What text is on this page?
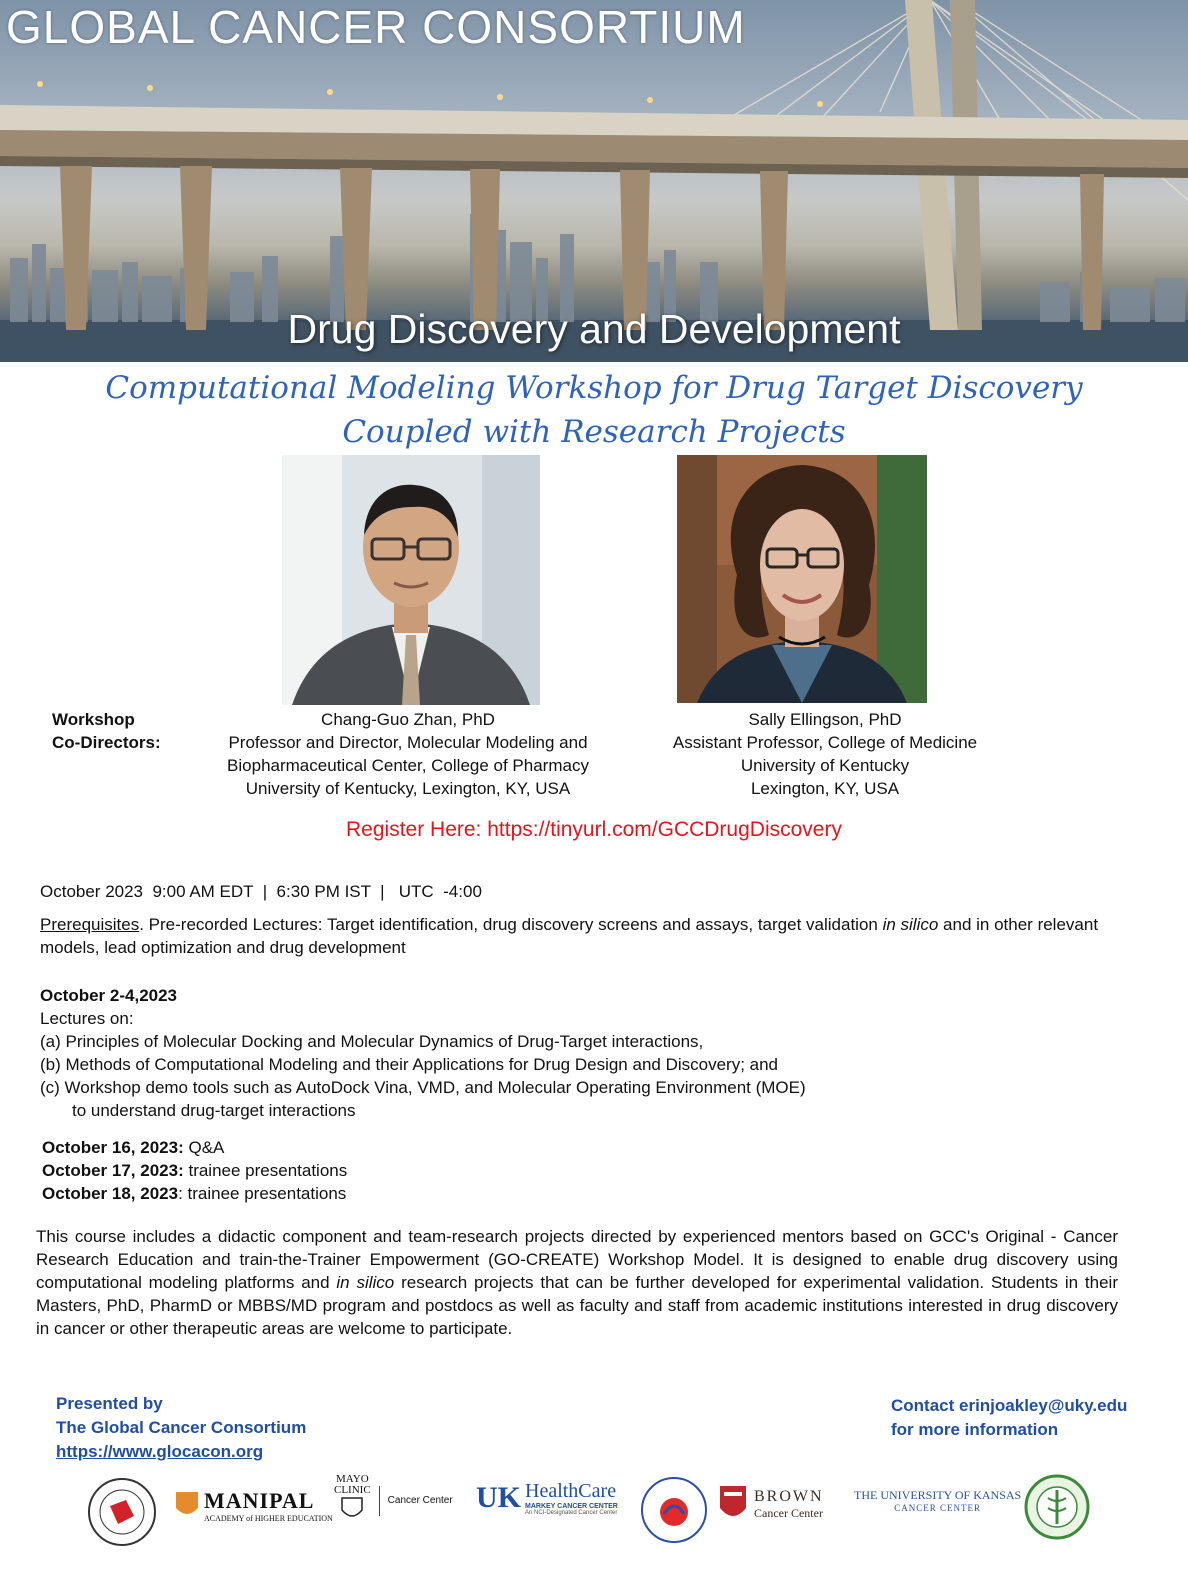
GLOBAL CANCER CONSORTIUM
Drug Discovery and Development
Computational Modeling Workshop for Drug Target Discovery
Coupled with Research Projects
Workshop
Co-Directors:
Chang-Guo Zhan, PhD
Professor and Director, Molecular Modeling and
Biopharmaceutical Center, College of Pharmacy
University of Kentucky, Lexington, KY, USA
Sally Ellingson, PhD
Assistant Professor, College of Medicine
University of Kentucky
Lexington, KY, USA
Register Here: https://tinyurl.com/GCCDrugDiscovery
October 2023  9:00 AM EDT  |  6:30 PM IST  |   UTC  -4:00
Prerequisites. Pre-recorded Lectures: Target identification, drug discovery screens and assays, target validation in silico and in other relevant models, lead optimization and drug development
October 2-4,2023
Lectures on:
(a) Principles of Molecular Docking and Molecular Dynamics of Drug-Target interactions,
(b) Methods of Computational Modeling and their Applications for Drug Design and Discovery; and
(c) Workshop demo tools such as AutoDock Vina, VMD, and Molecular Operating Environment (MOE)
to understand drug-target interactions
October 16, 2023: Q&A
October 17, 2023: trainee presentations
October 18, 2023: trainee presentations
This course includes a didactic component and team-research projects directed by experienced mentors based on GCC's Original - Cancer Research Education and train-the-Trainer Empowerment (GO-CREATE) Workshop Model. It is designed to enable drug discovery using computational modeling platforms and in silico research projects that can be further developed for experimental validation. Students in their Masters, PhD, PharmD or MBBS/MD program and postdocs as well as faculty and staff from academic institutions interested in drug discovery in cancer or other therapeutic areas are welcome to participate.
Presented by
The Global Cancer Consortium
https://www.glocacon.org
Contact erinjoakley@uky.edu
for more information
MANIPAL
ACADEMY of HIGHER EDUCATION
MAYO
CLINIC
Cancer Center UK HealthCare
MARKEY CANCER CENTER
An NCI-Designated Cancer Center
BROWN
Cancer Center
THE UNIVERSITY OF KANSAS
CANCER CENTER
